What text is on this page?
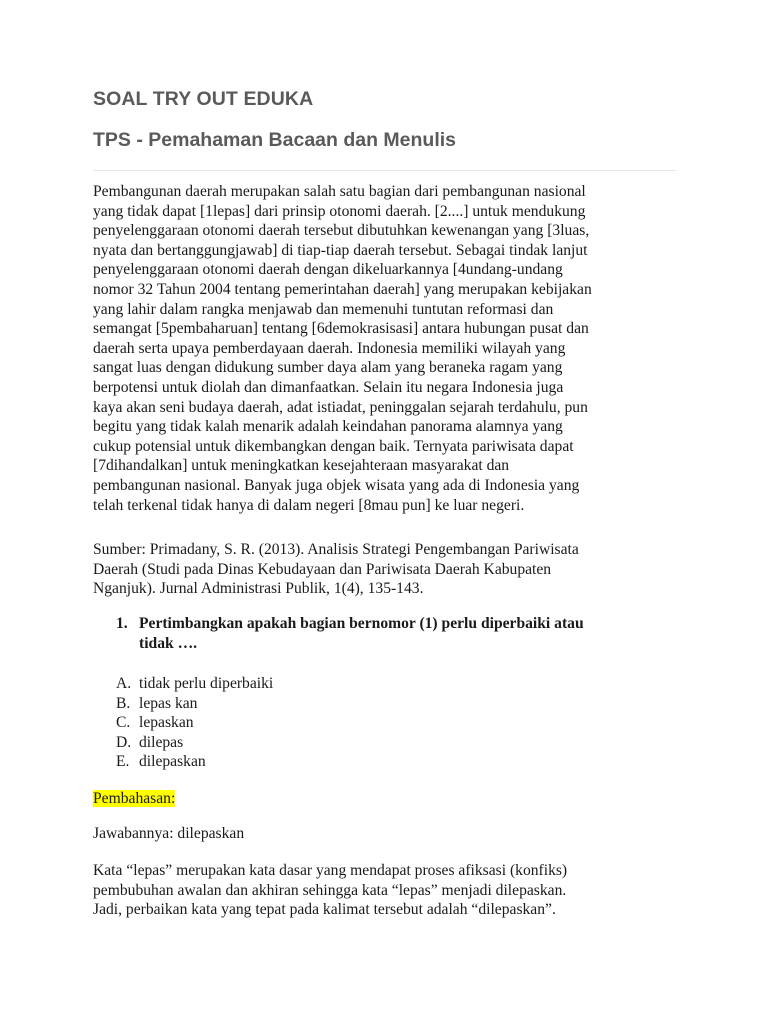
SOAL TRY OUT EDUKA
TPS - Pemahaman Bacaan dan Menulis
Pembangunan daerah merupakan salah satu bagian dari pembangunan nasional
yang tidak dapat [1lepas] dari prinsip otonomi daerah. [2....] untuk mendukung
penyelenggaraan otonomi daerah tersebut dibutuhkan kewenangan yang [3luas,
nyata dan bertanggungjawab] di tiap-tiap daerah tersebut. Sebagai tindak lanjut
penyelenggaraan otonomi daerah dengan dikeluarkannya [4undang-undang
nomor 32 Tahun 2004 tentang pemerintahan daerah] yang merupakan kebijakan
yang lahir dalam rangka menjawab dan memenuhi tuntutan reformasi dan
semangat [5pembaharuan] tentang [6demokrasisasi] antara hubungan pusat dan
daerah serta upaya pemberdayaan daerah. Indonesia memiliki wilayah yang
sangat luas dengan didukung sumber daya alam yang beraneka ragam yang
berpotensi untuk diolah dan dimanfaatkan. Selain itu negara Indonesia juga
kaya akan seni budaya daerah, adat istiadat, peninggalan sejarah terdahulu, pun
begitu yang tidak kalah menarik adalah keindahan panorama alamnya yang
cukup potensial untuk dikembangkan dengan baik. Ternyata pariwisata dapat
[7dihandalkan] untuk meningkatkan kesejahteraan masyarakat dan
pembangunan nasional. Banyak juga objek wisata yang ada di Indonesia yang
telah terkenal tidak hanya di dalam negeri [8mau pun] ke luar negeri.
Sumber: Primadany, S. R. (2013). Analisis Strategi Pengembangan Pariwisata
Daerah (Studi pada Dinas Kebudayaan dan Pariwisata Daerah Kabupaten
Nganjuk). Jurnal Administrasi Publik, 1(4), 135-143.
1. Pertimbangkan apakah bagian bernomor (1) perlu diperbaiki atau
tidak ….
A. tidak perlu diperbaiki
B. lepas kan
C. lepaskan
D. dilepas
E. dilepaskan
Pembahasan:
Jawabannya: dilepaskan
Kata “lepas” merupakan kata dasar yang mendapat proses afiksasi (konfiks)
pembubuhan awalan dan akhiran sehingga kata “lepas” menjadi dilepaskan.
Jadi, perbaikan kata yang tepat pada kalimat tersebut adalah “dilepaskan”.
